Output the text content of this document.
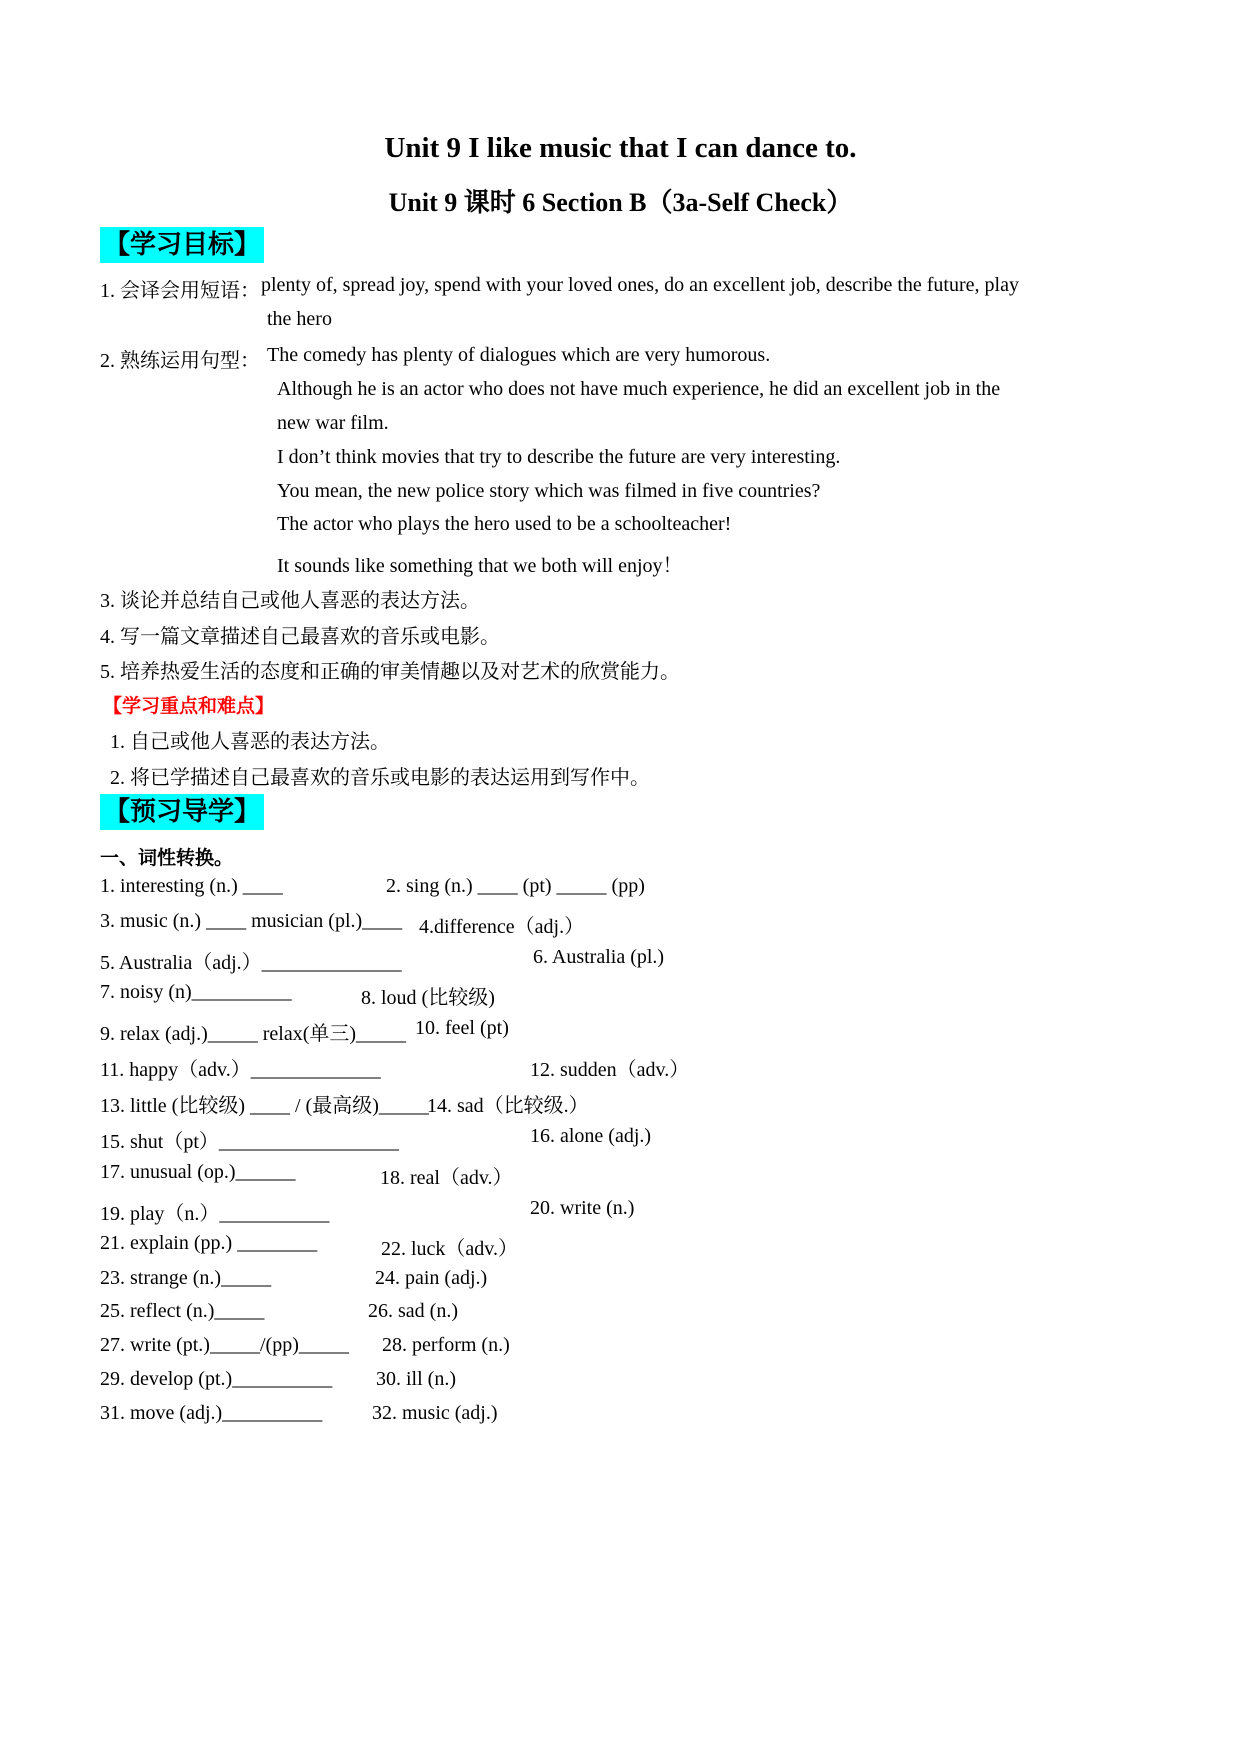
Unit 9 I like music that I can dance to.
Unit 9 课时 6 Section B（3a-Self Check）
【学习目标】
1. 会译会用短语： plenty of, spread joy, spend with your loved ones, do an excellent job, describe the future, play
the hero
2. 熟练运用句型： The comedy has plenty of dialogues which are very humorous.
Although he is an actor who does not have much experience, he did an excellent job in the
new war film.
I don’t think movies that try to describe the future are very interesting.
You mean, the new police story which was filmed in five countries?
The actor who plays the hero used to be a schoolteacher!
It sounds like something that we both will enjoy！
3. 谈论并总结自己或他人喜恶的表达方法。
4. 写一篇文章描述自己最喜欢的音乐或电影。
5. 培养热爱生活的态度和正确的审美情趣以及对艺术的欣赏能力。
【学习重点和难点】
1. 自己或他人喜恶的表达方法。
2. 将已学描述自己最喜欢的音乐或电影的表达运用到写作中。
【预习导学】
一、词性转换。
1. interesting (n.) ____	2. sing (n.) ____ (pt) _____ (pp)
3. music (n.) ____ musician (pl.)____ 4.difference（adj.）
5. Australia（adj.）______________	6. Australia (pl.)
7. noisy (n)__________	8. loud (比较级)
9. relax (adj.)_____ relax(单三)_____ 10. feel (pt)
11. happy（adv.）_____________	12. sudden（adv.）
13. little (比较级) ____ / (最高级)_____
14. sad（比较级.）
15. shut（pt）__________________	16. alone (adj.)
17. unusual (op.)______	18. real（adv.）
19. play（n.）___________	20. write (n.)
21. explain (pp.) ________	22. luck（adv.）
23. strange (n.)_____	24. pain (adj.)
25. reflect (n.)_____	26. sad (n.)
27. write (pt.)_____/(pp)_____ 28. perform (n.)
29. develop (pt.)__________ 30. ill (n.)
31. move (adj.)__________ 32. music (adj.)
